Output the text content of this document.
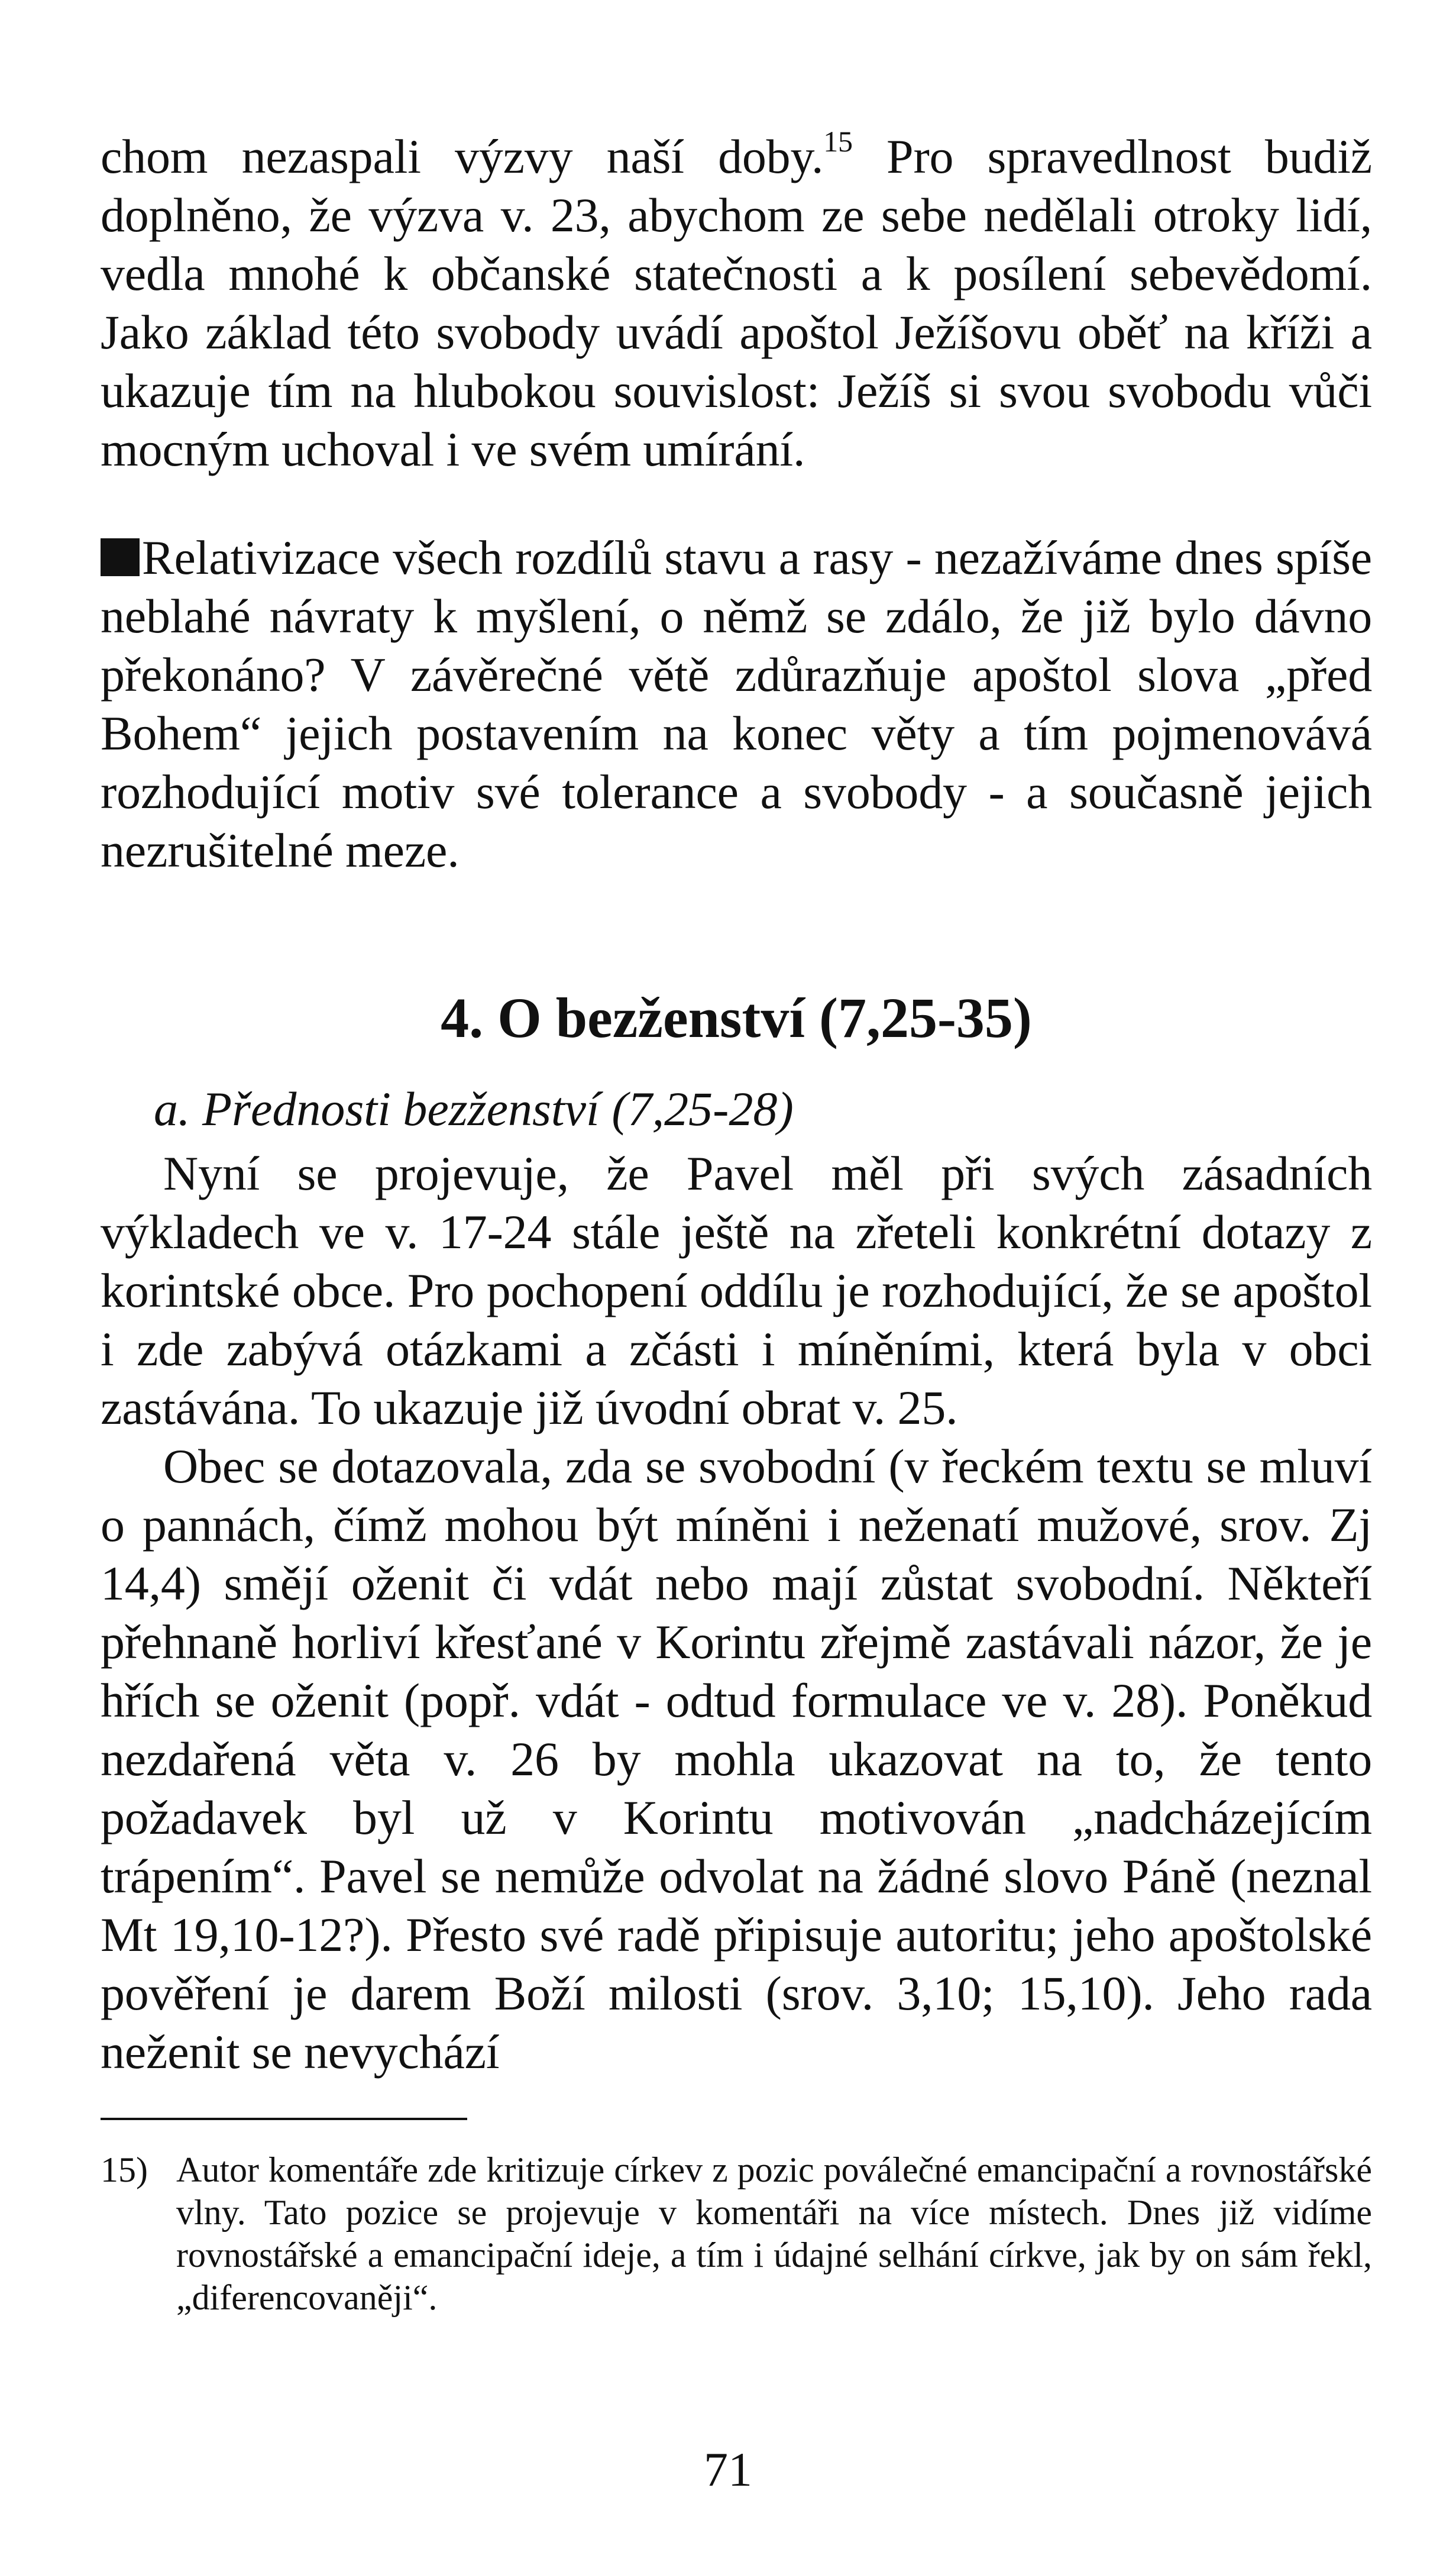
chom nezaspali výzvy naší doby.$^{15}$ Pro spravedlnost budiž doplněno, že výzva v. 23, abychom ze sebe nedělali otroky lidí, vedla mnohé k občanské statečnosti a k posílení sebevědomí. Jako základ této svobody uvádí apoštol Ježíšovu oběť na kříži a ukazuje tím na hlubokou souvislost: Ježíš si svou svobodu vůči mocným uchoval i ve svém umírání.

Relativizace všech rozdílů stavu a rasy - nezažíváme dnes spíše neblahé návraty k myšlení, o němž se zdálo, že již bylo dávno překonáno? V závěrečné větě zdůrazňuje apoštol slova „před Bohem“ jejich postavením na konec věty a tím pojmenovává rozhodující motiv své tolerance a svobody - a současně jejich nezrušitelné meze.

4. O bezženství (7,25-35)

a. Přednosti bezženství (7,25-28)

Nyní se projevuje, že Pavel měl při svých zásadních výkladech ve v. 17-24 stále ještě na zřeteli konkrétní dotazy z korintské obce. Pro pochopení oddílu je rozhodující, že se apoštol i zde zabývá otázkami a zčásti i míněními, která byla v obci zastávána. To ukazuje již úvodní obrat v. 25.

Obec se dotazovala, zda se svobodní (v řeckém textu se mluví o pannách, čímž mohou být míněni i neženatí mužové, srov. Zj 14,4) smějí oženit či vdát nebo mají zůstat svobodní. Někteří přehnaně horliví křesťané v Korintu zřejmě zastávali názor, že je hřích se oženit (popř. vdát - odtud formulace ve v. 28). Poněkud nezdařená věta v. 26 by mohla ukazovat na to, že tento požadavek byl už v Korintu motivován „nadcházejícím trápením“. Pavel se nemůže odvolat na žádné slovo Páně (neznal Mt 19,10-12?). Přesto své radě připisuje autoritu; jeho apoštolské pověření je darem Boží milosti (srov. 3,10; 15,10). Jeho rada neženit se nevychází

15) Autor komentáře zde kritizuje církev z pozic poválečné emancipační a rovnostářské vlny. Tato pozice se projevuje v komentáři na více místech. Dnes již vidíme rovnostářské a emancipační ideje, a tím i údajné selhání církve, jak by on sám řekl, „diferencovaněji“.
71
